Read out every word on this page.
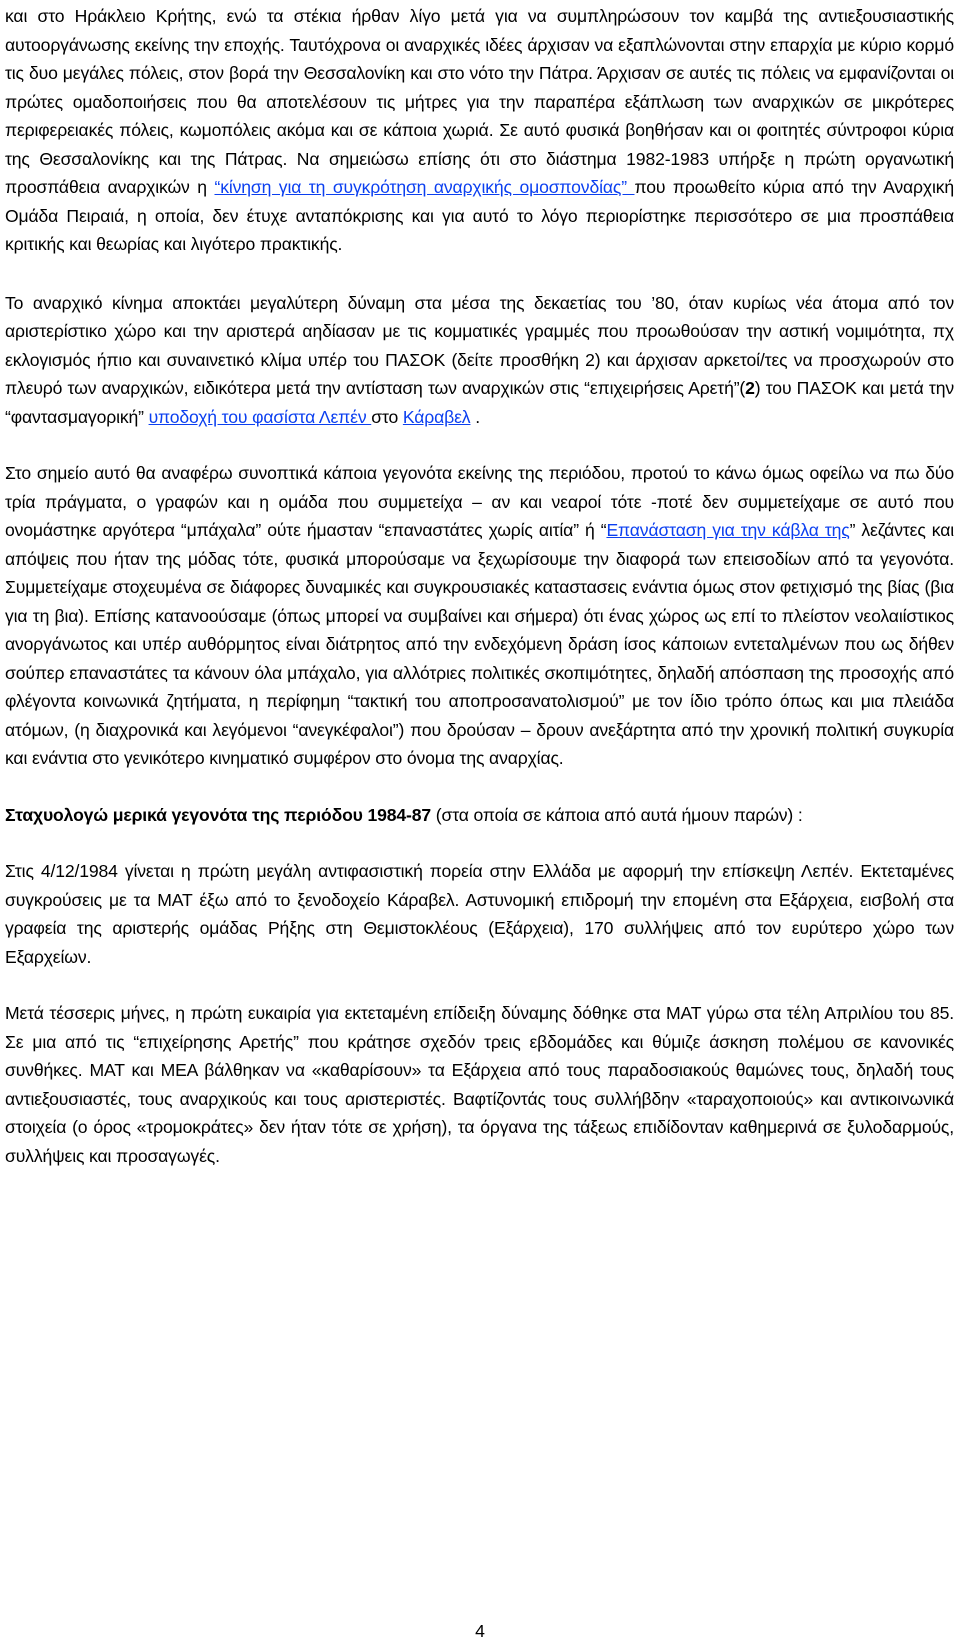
και στο Ηράκλειο Κρήτης, ενώ τα στέκια ήρθαν λίγο μετά για να συμπληρώσουν τον καμβά της αντιεξουσιαστικής αυτοοργάνωσης εκείνης την εποχής. Ταυτόχρονα οι αναρχικές ιδέες άρχισαν να εξαπλώνονται στην επαρχία με κύριο κορμό τις δυο μεγάλες πόλεις, στον βορά την Θεσσαλονίκη και στο νότο την Πάτρα. Άρχισαν σε αυτές τις πόλεις να εμφανίζονται οι πρώτες ομαδοποιήσεις που θα αποτελέσουν τις μήτρες για την παραπέρα εξάπλωση των αναρχικών σε μικρότερες περιφερειακές πόλεις, κωμοπόλεις ακόμα και σε κάποια χωριά. Σε αυτό φυσικά βοηθήσαν και οι φοιτητές σύντροφοι κύρια της Θεσσαλονίκης και της Πάτρας. Να σημειώσω επίσης ότι στο διάστημα 1982-1983 υπήρξε η πρώτη οργανωτική προσπάθεια αναρχικών η “κίνηση για τη συγκρότηση αναρχικής ομοσπονδίας” που προωθείτο κύρια από την Αναρχική Ομάδα Πειραιά, η οποία, δεν έτυχε ανταπόκρισης και για αυτό το λόγο περιορίστηκε περισσότερο σε μια προσπάθεια κριτικής και θεωρίας και λιγότερο πρακτικής.

Το αναρχικό κίνημα αποκτάει μεγαλύτερη δύναμη στα μέσα της δεκαετίας του ’80, όταν κυρίως νέα άτομα από τον αριστερίστικο χώρο και την αριστερά αηδίασαν με τις κομματικές γραμμές που προωθούσαν την αστική νομιμότητα, πχ εκλογισμός ήπιο και συναινετικό κλίμα υπέρ του ΠΑΣΟΚ (δείτε προσθήκη 2) και άρχισαν αρκετοί/τες να προσχωρούν στο πλευρό των αναρχικών, ειδικότερα μετά την αντίσταση των αναρχικών στις “επιχειρήσεις Αρετή”(2) του ΠΑΣΟΚ και μετά την “φαντασμαγορική” υποδοχή του φασίστα Λεπέν στο Κάραβελ .

Στο σημείο αυτό θα αναφέρω συνοπτικά κάποια γεγονότα εκείνης της περιόδου, προτού το κάνω όμως οφείλω να πω δύο τρία πράγματα, ο γραφών και η ομάδα που συμμετείχα – αν και νεαροί τότε -ποτέ δεν συμμετείχαμε σε αυτό που ονομάστηκε αργότερα “μπάχαλα” ούτε ήμασταν “επαναστάτες χωρίς αιτία” ή “Επανάσταση για την κάβλα της” λεζάντες και απόψεις που ήταν της μόδας τότε, φυσικά μπορούσαμε να ξεχωρίσουμε την διαφορά των επεισοδίων από τα γεγονότα. Συμμετείχαμε στοχευμένα σε διάφορες δυναμικές και συγκρουσιακές καταστασεις ενάντια όμως στον φετιχισμό της βίας (βια για τη βια). Επίσης κατανοούσαμε (όπως μπορεί να συμβαίνει και σήμερα) ότι ένας χώρος ως επί το πλείστον νεολαιίστικος ανοργάνωτος και υπέρ αυθόρμητος είναι διάτρητος από την ενδεχόμενη δράση ίσος κάποιων εντεταλμένων που ως δήθεν σούπερ επαναστάτες τα κάνουν όλα μπάχαλο, για αλλότριες πολιτικές σκοπιμότητες, δηλαδή απόσπαση της προσοχής από φλέγοντα κοινωνικά ζητήματα, η περίφημη “τακτική του αποπροσανατολισμού” με τον ίδιο τρόπο όπως και μια πλειάδα ατόμων, (η διαχρονικά και λεγόμενοι “ανεγκέφαλοι”) που δρούσαν – δρουν ανεξάρτητα από την χρονική πολιτική συγκυρία και ενάντια στο γενικότερο κινηματικό συμφέρον στο όνομα της αναρχίας.

Σταχυολογώ μερικά γεγονότα της περιόδου 1984-87 (στα οποία σε κάποια από αυτά ήμουν παρών) :

Στις 4/12/1984 γίνεται η πρώτη μεγάλη αντιφασιστική πορεία στην Ελλάδα με αφορμή την επίσκεψη Λεπέν. Εκτεταμένες συγκρούσεις με τα ΜΑΤ έξω από το ξενοδοχείο Κάραβελ. Αστυνομική επιδρομή την επομένη στα Εξάρχεια, εισβολή στα γραφεία της αριστερής ομάδας Ρήξης στη Θεμιστοκλέους (Εξάρχεια), 170 συλλήψεις από τον ευρύτερο χώρο των Εξαρχείων.

Μετά τέσσερις μήνες, η πρώτη ευκαιρία για εκτεταμένη επίδειξη δύναμης δόθηκε στα ΜΑΤ γύρω στα τέλη Απριλίου του 85. Σε μια από τις “επιχείρησης Αρετής” που κράτησε σχεδόν τρεις εβδομάδες και θύμιζε άσκηση πολέμου σε κανονικές συνθήκες. ΜΑΤ και ΜΕΑ βάλθηκαν να «καθαρίσουν» τα Εξάρχεια από τους παραδοσιακούς θαμώνες τους, δηλαδή τους αντιεξουσιαστές, τους αναρχικούς και τους αριστεριστές. Βαφτίζοντάς τους συλλήβδην «ταραχοποιούς» και αντικοινωνικά στοιχεία (ο όρος «τρομοκράτες» δεν ήταν τότε σε χρήση), τα όργανα της τάξεως επιδίδονταν καθημερινά σε ξυλοδαρμούς, συλλήψεις και προσαγωγές.

4
